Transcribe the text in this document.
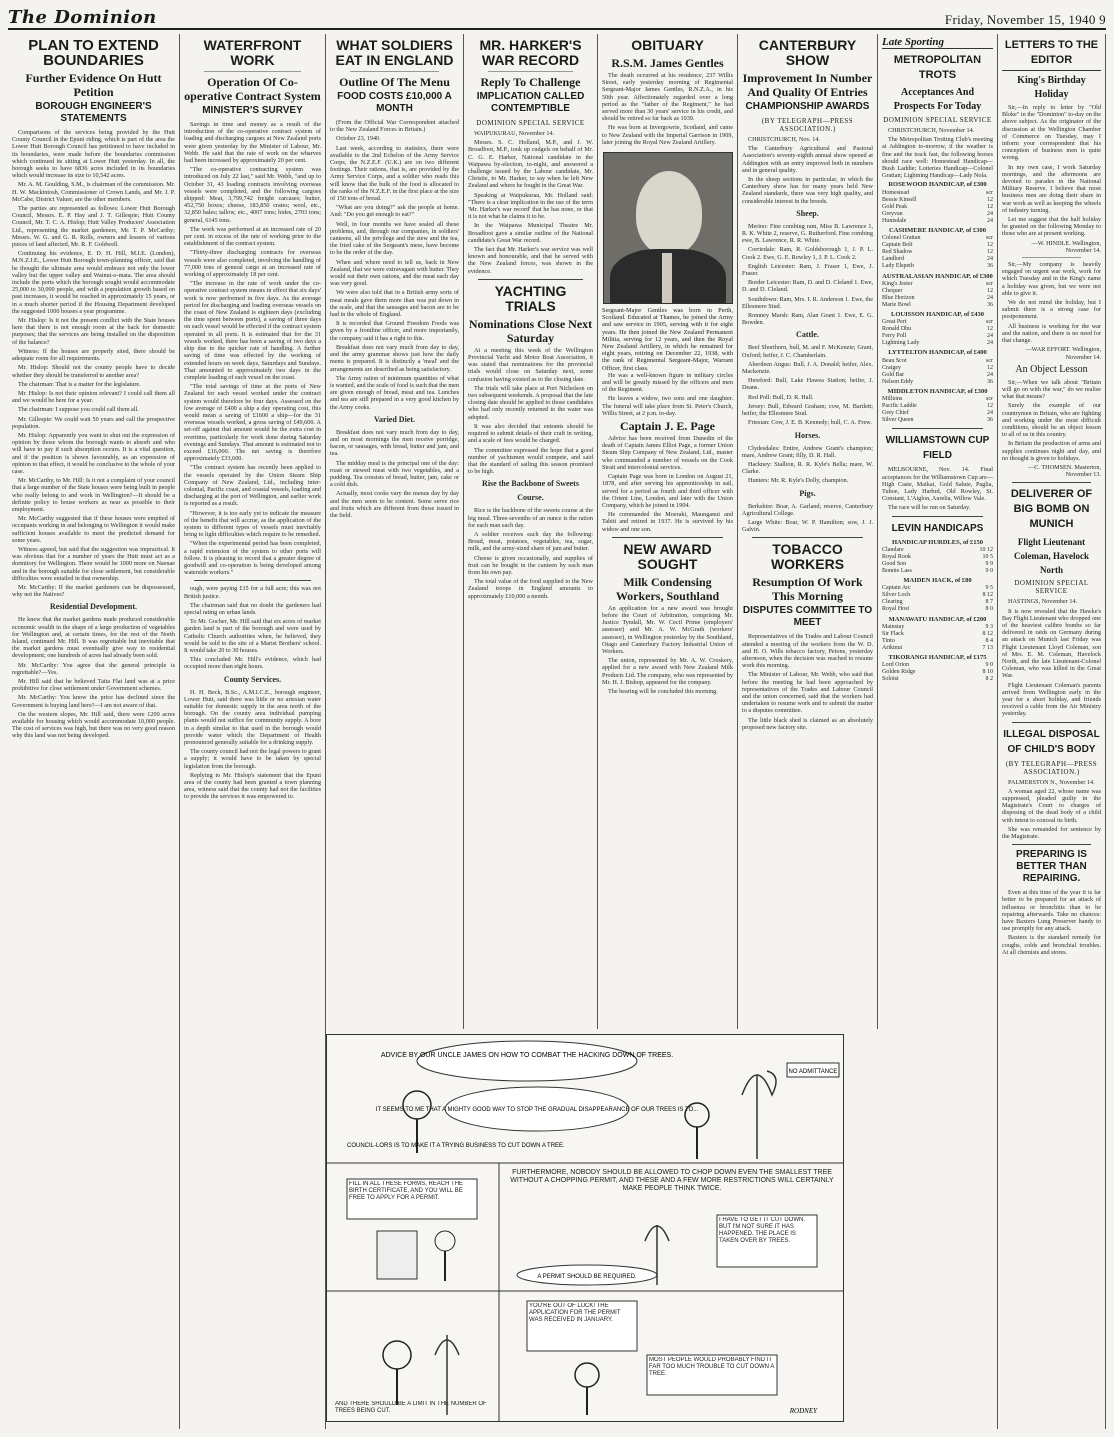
The Dominion	Friday, November 15, 1940 9
PLAN TO EXTEND BOUNDARIES
Further Evidence On Hutt Petition
BOROUGH ENGINEER'S STATEMENTS

Comparisons of the services being provided by the Hutt County Council in the Epuni riding, which is part of the area the Lower Hutt Borough Council has petitioned to have included in its boundaries, were made before the boundaries commission which continued its sitting at Lower Hutt yesterday. In all, the borough seeks to have 6836 acres included in its boundaries which would increase its size to 10,542 acres.

Mr. A. M. Goulding, S.M., is chairman of the commission. Mr. H. W. Mackintosh, Commissioner of Crown Lands, and Mr. J. P. McCabe, District Valuer, are the other members.

The parties are represented as follows: Lower Hutt Borough Council, Messrs. E. P. Hay and J. T. Gillespie; Hutt County Council, Mr. T. C. A. Hislop; Hutt Valley Producers' Association Ltd., representing the market gardeners, Mr. T. P. McCarthy; Messrs. W. G. and G. R. Rolls, owners and lessees of various pieces of land affected, Mr. R. F. Goldwell.

Continuing his evidence, E. D. H. Hill, M.I.E. (London), M.N.Z.I.E., Lower Hutt Borough town-planning officer, said that he thought the ultimate area would embrace not only the lower valley but the upper valley and Wainui-o-mata. The area should include the ports which the borough sought would accommodate 25,000 to 30,000 people, and with a population growth based on past increases, it would be reached in approximately 15 years, or in a much shorter period if the Housing Department developed the suggested 1000 houses a year programme.

Mr. Hislop: Is it not the present conflict with the State houses here that there is not enough room at the back for domestic purposes; that the services are being installed on the disposition of the balance?

Witness: If the houses are properly sited, there should be adequate room for all requirements.

Mr. Hislop: Should not the county people have to decide whether they should be transferred to another area?

The chairman: That is a matter for the legislature.

Mr. Hislop: Is not their opinion relevant? I could call them all and we would be here for a year.

The chairman: I suppose you could call them all.

Mr. Gillespie: We could wait 50 years and call the prospective population.

Mr. Hislop: Apparently you want to shut out the expression of opinion by those whom the borough wants to absorb and who will have to pay if such absorption occurs. It is a vital question, and if the position is shown favourably, as an expression of opinion to that effect, it would be conclusive to the whole of your case.

Mr. McCarthy, to Mr. Hill: Is it not a complaint of your council that a large number of the State houses were being built in people who really belong to and work in Wellington?—It should be a definite policy to house workers as near as possible to their employment.

Mr. McCarthy suggested that if these houses were emptied of occupants working in and belonging to Wellington it would make sufficient houses available to meet the predicted demand for some years.

Witness agreed, but said that the suggestion was impractical. It was obvious that for a number of years the Hutt must act as a dormitory for Wellington. There would be 1000 more on Naenae and in the borough suitable for close settlement, but considerable difficulties were entailed in that ownership.

Mr. McCarthy: If the market gardeners can be dispossessed, why not the Natives?

Residential Development.

He knew that the market gardens made produced considerable economic wealth in the shape of a large production of vegetables for Wellington and, at certain times, for the rest of the North Island, continued Mr. Hill. It was regrettable but inevitable that the market gardens must eventually give way to residential development; one hundreds of acres had already been sold.

Mr. McCarthy: You agree that the general principle is regrettable?—Yes.

Mr. Hill said that he believed Taita Flat land was at a price prohibitive for close settlement under Government schemes.

Mr. McCarthy: You know the price has declined since the Government is buying land here?—I am not aware of that.

On the western slopes, Mr. Hill said, there were 1200 acres available for housing which would accommodate 10,000 people. The cost of services was high, but there was no very good reason why this land was not being developed.

WATERFRONT WORK
Operation Of Co-operative Contract System
MINISTER'S SURVEY

Savings in time and money as a result of the introduction of the co-operative contract system of loading and discharging cargoes at New Zealand ports were given yesterday by the Minister of Labour, Mr. Webb. He said that the rate of work on the wharves had been increased by approximately 20 per cent.

"The co-operative contracting system was introduced on July 22 last," said Mr. Webb, "and up to October 31, 43 loading contracts involving overseas vessels were completed, and the following cargoes shipped: Meat, 3,799,742 freight carcases; butter, 452,750 boxes; cheese, 183,850 crates; wool, etc., 32,850 bales; tallow, etc., 4007 tons; hides, 2703 tons; general, 6145 tons.

The work was performed at an increased rate of 20 per cent. in excess of the rate of working prior to the establishment of the contract system.

"Thirty-three discharging contracts for overseas vessels were also completed, involving the handling of 77,000 tons of general cargo at an increased rate of working of approximately 18 per cent.

"The increase in the rate of work under the co-operative contract system means in effect that six days' work is now performed in five days. As the average period for discharging and loading overseas vessels on the coast of New Zealand is eighteen days (excluding the time spent between ports), a saving of three days on each vessel would be effected if the contract system operated in all ports. It is estimated that for the 31 vessels worked, there has been a saving of two days a ship due to the quicker rate of handling. A further saving of time was effected by the working of extended hours on week days, Saturdays and Sundays. That amounted to approximately two days in the complete loading of each vessel on the coast.

"The total savings of time at the ports of New Zealand for each vessel worked under the contract system would therefore be four days. Assessed on the low average of £400 a ship a day operating cost, this would mean a saving of £1600 a ship—for the 31 overseas vessels worked, a gross saving of £49,600. A set-off against that amount would be the extra cost in overtime, particularly for work done during Saturday evenings and Sundays. That amount is estimated not to exceed £16,000. The net saving is therefore approximately £33,600.

"The contract system has recently been applied to the vessels operated by the Union Steam Ship Company of New Zealand, Ltd., including inter-colonial, Pacific coast, and coastal vessels, loading and discharging at the port of Wellington, and earlier work is reported as a result.

"However, it is too early yet to indicate the measure of the benefit that will accrue, as the application of the system to different types of vessels must inevitably bring to light difficulties which require to be remedied.

"When the experimental period has been completed, a rapid extension of the system to other ports will follow. It is pleasing to record that a greater degree of goodwill and co-operation is being developed among waterside workers."

ough, were paying £15 for a full acre; this was not British justice.

The chairman said that no doubt the gardeners had special rating on urban lands.

To Mr. Gocher, Mr. Hill said that six acres of market garden land is part of the borough and were used by Catholic Church authorities when, he believed, they would be sold to the site of a Marist Brothers' school. It would take 20 to 30 houses.

This concluded Mr. Hill's evidence, which had occupied more than eight hours.

County Services.

H. H. Beck, B.Sc., A.M.I.C.E., borough engineer, Lower Hutt, said there was little or no artesian water suitable for domestic supply in the area north of the borough. On the county area individual pumping plants would not suffice for community supply. A bore in a depth similar to that used in the borough would provide water which the Department of Health pronounced generally suitable for a drinking supply.

The county council had not the legal powers to grant a supply; it would have to be taken by special legislation from the borough.

Replying to Mr. Hislop's statement that the Epuni area of the county had been granted a town planning area, witness said that the county had not the facilities to provide the services it was empowered to.

WHAT SOLDIERS EAT IN ENGLAND
Outline Of The Menu
FOOD COSTS £10,000 A MONTH

(From the Official War Correspondent attached to the New Zealand Forces in Britain.)

October 23, 1940.

Last week, according to statistics, there were available to the 2nd Echelon of the Army Service Corps, the N.Z.E.F. (U.K.) are on two different footings. Their rations, that is, are provided by the Army Service Corps, and a soldier who reads this will know that the bulk of the food is allocated to the ranks of the N.Z.E.F. in the first place at the size of 150 tons of bread.

"What are you doing?" ask the people at home. And: "Do you get enough to eat?"

Well, in four months we have sealed all these problems, and, through our companies, in soldiers' canteens, all the privilege and the stew and the tea, the fried cake of the Sergeant's mess, have become to be the order of the day.

When and where need to tell us, back in New Zealand, that we were extravagant with butter. They would eat their own rations, and the meat each day was very good.

We were also told that in a British army sorts of meat meals gave them more than was put down in the scale, and that the sausages and bacon are to be had in the whole of England.

It is recorded that Ground Freedom Foods was given by a frontline officer, and more importantly, the company said it has a right to this.

Breakfast does not vary much from day to day, and the army grammar shows just how the daily menu is prepared. It is distinctly a 'meal' and the arrangements are described as being satisfactory.

The Army ration of minimum quantities of what is wanted, and the scale of food is such that the men are given enough of bread, meat and tea. Lunches and tea are still prepared in a very good kitchen by the Army cooks.

Varied Diet.

Breakfast does not vary much from day to day, and on most mornings the men receive porridge, bacon, or sausages, with bread, butter and jam, and tea.

The midday meal is the principal one of the day: roast or stewed meat with two vegetables, and a pudding. Tea consists of bread, butter, jam, cake or a cold dish.

Actually, most cooks vary the menus day by day and the men seem to be content. Some serve rice and fruits which are different from those issued in the field.

MR. HARKER'S WAR RECORD
Reply To Challenge
IMPLICATION CALLED CONTEMPTIBLE
DOMINION SPECIAL SERVICE

WAIPUKURAU, November 14.

Messrs. S. C. Holland, M.P., and J. W. Broadfoot, M.P., took up cudgels on behalf of Mr. C. G. E. Harker, National candidate in the Waipawa by-election, to-night, and answered a challenge issued by the Labour candidate, Mr. Christie, to Mr. Harker, to say when he left New Zealand and where he fought in the Great War.

Speaking at Waipukurau, Mr. Holland said: "There is a clear implication in the use of the term 'Mr. Harker's war record' that he has none, or that it is not what he claims it to be.

In the Waipawa Municipal Theatre Mr. Broadfoot gave a similar outline of the National candidate's Great War record.

The fact that Mr. Harker's war service was well known and honourable, and that he served with the New Zealand forces, was shown in the evidence.

YACHTING TRIALS
Nominations Close Next Saturday

At a meeting this week of the Wellington Provincial Yacht and Motor Boat Association, it was stated that nominations for the provincial trials would close on Saturday next, some confusion having existed as to the closing date.

The trials will take place at Port Nicholson on two subsequent weekends. A proposal that the late closing date should be applied to those candidates who had only recently returned to the water was adopted.

It was also decided that entrants should be required to submit details of their craft in writing, and a scale of fees would be charged.

The committee expressed the hope that a good number of yachtsmen would compete, and said that the standard of sailing this season promised to be high.

Rise the Backbone of Sweets Course.

Rice is the backbone of the sweets course at the big meal. Three-sevenths of an ounce is the ration for each man each day.

A soldier receives each day the following: Bread, meat, potatoes, vegetables, tea, sugar, milk, and the army-sized share of jam and butter.

Cheese is given occasionally, and supplies of fruit can be bought in the canteen by each man from his own pay.

The total value of the food supplied to the New Zealand troops in England amounts to approximately £10,000 a month.

OBITUARY
R.S.M. James Gentles

The death occurred at his residence, 237 Willis Street, early yesterday morning of Regimental Sergeant-Major James Gentles, R.N.Z.A., in his 50th year. Affectionately regarded over a long period as the "father of the Regiment," he had served more than 30 years' service in his credit, and should be retired so far back as 1939.

He was born at Invergowrie, Scotland, and came to New Zealand with the Imperial Garrison in 1909, later joining the Royal New Zealand Artillery.

Sergeant-Major Gentles was born in Perth, Scotland. Educated at Thames, he joined the Army and saw service in 1905, serving with it for eight years. He then joined the New Zealand Permanent Militia, serving for 12 years, and then the Royal New Zealand Artillery, in which he remained for eight years, retiring on December 22, 1938, with the rank of Regimental Sergeant-Major, Warrant Officer, first class.

He was a well-known figure in military circles and will be greatly missed by the officers and men of the Regiment.

He leaves a widow, two sons and one daughter. The funeral will take place from St. Peter's Church, Willis Street, at 2 p.m. to-day.

Captain J. E. Page

Advice has been received from Dunedin of the death of Captain James Elliot Page, a former Union Steam Ship Company of New Zealand, Ltd., master who commanded a number of vessels on the Cook Strait and intercolonial services.

Captain Page was born in London on August 21, 1878, and after serving his apprenticeship in sail, served for a period as fourth and third officer with the Orient Line, London, and later with the Union Company, which he joined in 1904.

He commanded the Moeraki, Maunganui and Tahiti and retired in 1937. He is survived by his widow and one son.

NEW AWARD SOUGHT
Milk Condensing Workers, Southland

An application for a new award was brought before the Court of Arbitration, comprising Mr. Justice Tyndall, Mr. W. Cecil Prime (employers' assessor) and Mr. A. W. McGrath (workers' assessor), in Wellington yesterday by the Southland, Otago and Canterbury Factory Industrial Union of Workers.

The union, represented by Mr. A. W. Croskery, applied for a new award with New Zealand Milk Products Ltd. The company, who was represented by Mr. H. J. Bishop, appeared for the company.

The hearing will be concluded this morning.

CANTERBURY SHOW
Improvement In Number And Quality Of Entries
CHAMPIONSHIP AWARDS
(BY TELEGRAPH—PRESS ASSOCIATION.)

CHRISTCHURCH, Nov. 14.

The Canterbury Agricultural and Pastoral Association's seventy-eighth annual show opened at Addington with an entry improved both in numbers and in general quality.

In the sheep sections in particular, in which the Canterbury show has for many years held New Zealand standards, there was very high quality, and considerable interest in the breeds.

Sheep.

Merino: Fine combing ram, Miss B. Lawrence 1, R. K. White 2, reserve, G. Rutherford. Fine combing ewe, B. Lawrence, R. R. White.

Corriedale: Ram, R. Goldsborough 1, J. P. L. Cook 2. Ewe, G. E. Rowley 1, J. P. L. Cook 2.

English Leicester: Ram, J. Fraser 1, Ewe, J. Fraser.

Border Leicester: Ram, D. and D. Cleland 1. Ewe, D. and D. Cleland.

Southdown: Ram, Mrs. I. R. Anderson 1. Ewe, the Ellesmere Stud.

Romney Marsh: Ram, Alan Grant 1. Ewe, E. G. Bowden.

Cattle.

Beef Shorthorn, bull, M. and F. McKenzie; Grant, Oxford; heifer, J. C. Chamberlain.

Aberdeen Angus: Bull, J. A. Donald; heifer, Alex. Mackenzie.

Hereford: Bull, Lake Hawea Station; heifer, J. Deans.

Red Poll: Bull, D. R. Hall.

Jersey: Bull, Edward Graham; cow, M. Bartlett; heifer, the Ellesmere Stud.

Friesian: Cow, J. E. B. Kennedy; bull, C. A. Frew.

Horses.

Clydesdales: Entire, Andrew Grant's champion; mare, Andrew Grant; filly, D. R. Hall.

Hackney: Stallion, R. R. Kyle's Bella; mare, W. Clarke.

Hunters: Mr. R. Kyle's Dolly, champion.

Pigs.

Berkshire: Boar, A. Garland; reserve, Canterbury Agricultural College.

Large White: Boar, W. P. Hamilton; sow, J. J. Galvin.

TOBACCO WORKERS
Resumption Of Work This Morning
DISPUTES COMMITTEE TO MEET

Representatives of the Trades and Labour Council attended a meeting of the workers from the W. D. and H. O. Wills tobacco factory, Petone, yesterday afternoon, when the decision was reached to resume work this morning.

The Minister of Labour, Mr. Webb, who said that before the meeting he had been approached by representatives of the Trades and Labour Council and the union concerned, said that the workers had undertaken to resume work and to submit the matter to a disputes committee.

The little black shed is claimed as an absolutely proposed new factory site.

Late Sporting
METROPOLITAN TROTS
Acceptances And Prospects For Today
DOMINION SPECIAL SERVICE

CHRISTCHURCH, November 14.

The Metropolitan Trotting Club's meeting at Addington to-morrow, if the weather is fine and the track fast, the following horses should race well: Homestead Handicap—Bush Laddie; Lotteries Handicap—Colonel Grattan; Lightning Handicap—Lady Nola.

ROSEWOOD HANDICAP, of £300
Homestead	scr
Bessie Kinsell	12
Gold Peak	12
Greyvan	24
Huntsdale	24
CASHMERE HANDICAP, of £300
Colonel Grattan	scr
Captain Bolt	12
Red Shadow	12
Landlord	24
Lady Elspeth	36
AUSTRALASIAN HANDICAP, of £300
King's Jester	scr
Chequer	12
Blue Horizon	24
Marie Bowl	36
LOUISSON HANDICAP, of £430
Great Pert	scr
Ronald Dhu	12
Ferry Poll	24
Lightning Lady	24
LYTTELTON HANDICAP, of £400
Beau Scot	scr
Craigey	12
Gold Bar	24
Nelson Eddy	36
MIDDLETON HANDICAP, of £300
Millions	scr
Pacific Laddie	12
Grey Chief	24
Silver Queen	36
WILLIAMSTOWN CUP FIELD

MELBOURNE, Nov. 14. Final acceptances for the Williamstown Cup are—High Caste, Maikai, Gold Salute, Paglia, Tuhoe, Lady Harbrd, Old Rowley, St. Constant, L'Aiglon, Aurelia, Willow Vale.

The race will be run on Saturday.

LEVIN HANDICAPS
HANDICAP HURDLES, of £150
Clandare	10 12
Royal Rook	10 5
Good Son	9 9
Bonnie Lass	9 0
MAIDEN HACK, of £80
Captain Arc	9 5
Silver Loch	8 12
Clearing	8 7
Royal Host	8 0
MANAWATU HANDICAP, of £200
Mainstay	9 3
Sir Flack	8 12
Tinto	8 4
Arikinui	7 13
TIKORANGI HANDICAP, of £175
Lord Orion	9 0
Golden Ridge	8 10
Soloist	8 2
LETTERS TO THE EDITOR
King's Birthday Holiday

Sir,—In reply to letter by "Old Bloke" in the "Dominion" to-day on the above subject. As the originator of the discussion at the Wellington Chamber of Commerce on Tuesday, may I inform your correspondent that his conception of business men is quite wrong.

In my own case, I work Saturday mornings, and the afternoons are devoted to parades in the National Military Reserve. I believe that most business men are doing their share in war work as well as keeping the wheels of industry turning.

Let me suggest that the half holiday be granted on the following Monday to those who are at present working.

—W. HINDLE. Wellington, November 14.

Sir,—My company is heavily engaged on urgent war work, work for which Tuesday and in the King's name a holiday was given, but we were not able to give it.

We do not mind the holiday, but I submit there is a strong case for postponement.

All business is working for the war and the nation, and there is no need for that change.

—WAR EFFORT. Wellington, November 14.

An Object Lesson

Sir,—When we talk about "Britain will go on with the war," do we realise what that means?

Surely the example of our countrymen in Britain, who are fighting and working under the most difficult conditions, should be an object lesson to all of us in this country.

In Britain the production of arms and supplies continues night and day, and no thought is given to holidays.

—C. THOMSEN. Masterton, November 13.

DELIVERER OF BIG BOMB ON MUNICH
Flight Lieutenant Coleman, Havelock North
DOMINION SPECIAL SERVICE

HASTINGS, November 14.

It is now revealed that the Hawke's Bay Flight Lieutenant who dropped one of the heaviest calibre bombs so far delivered in raids on Germany during an attack on Munich last Friday was Flight Lieutenant Lloyd Coleman, son of Mrs. E. M. Coleman, Havelock North, and the late Lieutenant-Colonel Coleman, who was killed in the Great War.

Flight Lieutenant Coleman's parents arrived from Wellington early in the year for a short holiday, and friends received a cable from the Air Ministry yesterday.

ILLEGAL DISPOSAL OF CHILD'S BODY
(BY TELEGRAPH—PRESS ASSOCIATION.)

PALMERSTON N., November 14.

A woman aged 22, whose name was suppressed, pleaded guilty in the Magistrate's Court to charges of disposing of the dead body of a child with intent to conceal its birth.

She was remanded for sentence by the Magistrate.

PREPARING IS BETTER THAN REPAIRING.

Even at this time of the year it is far better to be prepared for an attack of influenza or bronchitis than to be repairing afterwards. Take no chances: have Baxters Lung Preserver handy to use promptly for any attack.

Baxters is the standard remedy for coughs, colds and bronchial troubles. At all chemists and stores.

ADVICE BY OUR UNCLE JAMES ON HOW TO COMBAT THE HACKING DOWN OF TREES.
IT SEEMS TO ME THAT A MIGHTY GOOD WAY TO STOP THE GRADUAL DISAPPEARANCE OF OUR TREES IS TO...
NO ADMITTANCE
COUNCIL-LORS IS TO MAKE IT A TRYING BUSINESS TO CUT DOWN A TREE.
FILL IN ALL THESE FORMS, REACH THE BIRTH CERTIFICATE, AND YOU WILL BE FREE TO APPLY FOR A PERMIT.
FURTHERMORE, NOBODY SHOULD BE ALLOWED TO CHOP DOWN EVEN THE SMALLEST TREE WITHOUT A CHOPPING PERMIT, AND THESE AND A FEW MORE RESTRICTIONS WILL CERTAINLY MAKE PEOPLE THINK TWICE.
A PERMIT SHOULD BE REQUIRED.
I HAVE TO GET IT CUT DOWN. BUT I'M NOT SURE IT HAS HAPPENED. THE PLACE IS TAKEN OVER BY TREES.
AND THERE SHOULD BE A LIMIT IN THE NUMBER OF TREES BEING CUT.
YOU'RE OUT OF LUCK! THE APPLICATION FOR THE PERMIT WAS RECEIVED IN JANUARY.
MOST PEOPLE WOULD PROBABLY FIND IT FAR TOO MUCH TROUBLE TO CUT DOWN A TREE.
RODNEY
